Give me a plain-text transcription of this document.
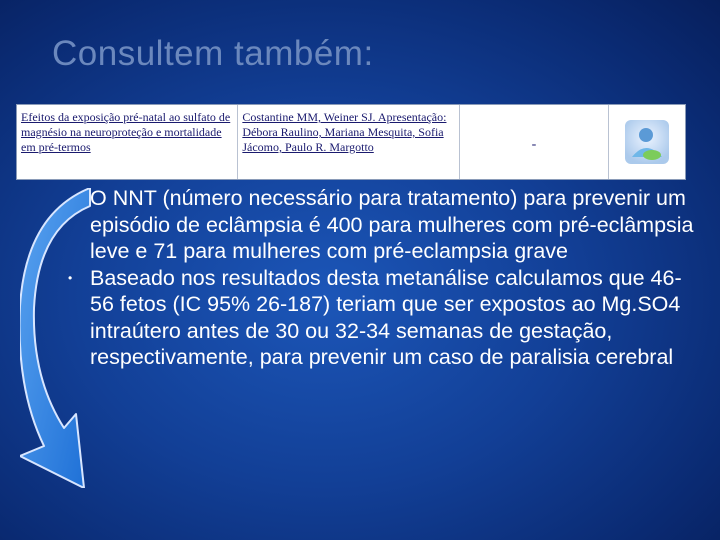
Consultem também:
Efeitos da exposição pré-natal ao sulfato de magnésio na neuroproteção e mortalidade em pré-termos
Costantine MM, Weiner SJ. Apresentação: Débora Raulino, Mariana Mesquita, Sofia Jácomo, Paulo R. Margotto	-

O NNT (número necessário para tratamento) para prevenir um episódio de eclâmpsia é 400 para mulheres com pré-eclâmpsia leve e 71 para mulheres com pré-eclampsia grave

• Baseado nos resultados desta metanálise calculamos que 46-56 fetos (IC 95% 26-187) teriam que ser expostos ao Mg.SO4 intraútero antes de 30 ou 32-34 semanas de gestação, respectivamente, para prevenir um caso de paralisia cerebral
